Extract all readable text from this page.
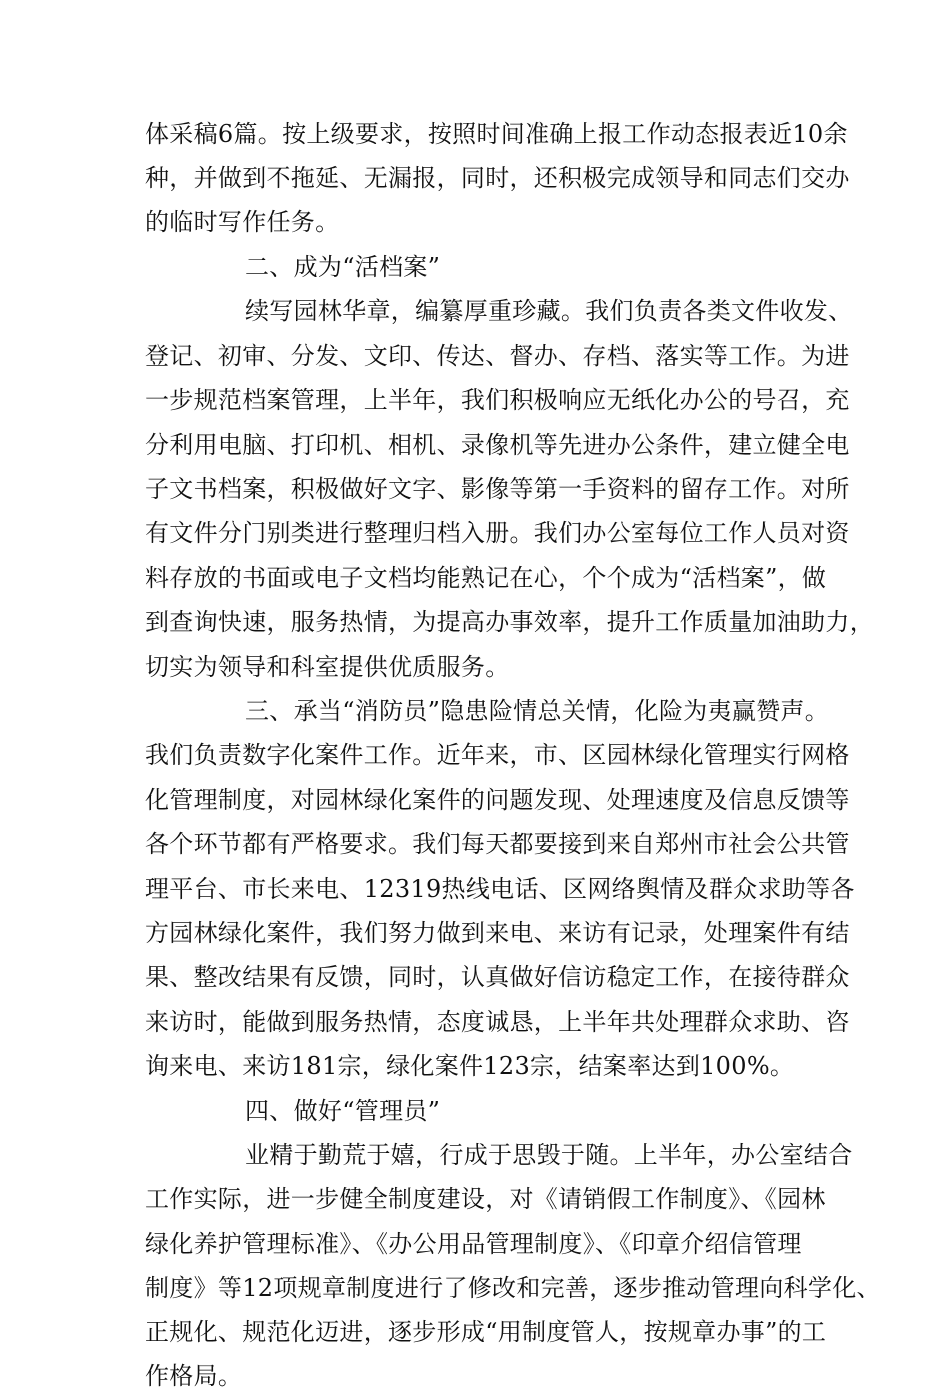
体采稿6篇。按上级要求，按照时间准确上报工作动态报表近10余
种，并做到不拖延、无漏报，同时，还积极完成领导和同志们交办
的临时写作任务。
二、成为“活档案”
续写园林华章，编纂厚重珍藏。我们负责各类文件收发、
登记、初审、分发、文印、传达、督办、存档、落实等工作。为进
一步规范档案管理，上半年，我们积极响应无纸化办公的号召，充
分利用电脑、打印机、相机、录像机等先进办公条件，建立健全电
子文书档案，积极做好文字、影像等第一手资料的留存工作。对所
有文件分门别类进行整理归档入册。我们办公室每位工作人员对资
料存放的书面或电子文档均能熟记在心，个个成为“活档案”，做
到查询快速，服务热情，为提高办事效率，提升工作质量加油助力，
切实为领导和科室提供优质服务。
三、承当“消防员”隐患险情总关情，化险为夷赢赞声。
我们负责数字化案件工作。近年来，市、区园林绿化管理实行网格
化管理制度，对园林绿化案件的问题发现、处理速度及信息反馈等
各个环节都有严格要求。我们每天都要接到来自郑州市社会公共管
理平台、市长来电、12319热线电话、区网络舆情及群众求助等各
方园林绿化案件，我们努力做到来电、来访有记录，处理案件有结
果、整改结果有反馈，同时，认真做好信访稳定工作，在接待群众
来访时，能做到服务热情，态度诚恳，上半年共处理群众求助、咨
询来电、来访181宗，绿化案件123宗，结案率达到100%。
四、做好“管理员”
业精于勤荒于嬉，行成于思毁于随。上半年，办公室结合
工作实际，进一步健全制度建设，对《请销假工作制度》、《园林
绿化养护管理标准》、《办公用品管理制度》、《印章介绍信管理
制度》等12项规章制度进行了修改和完善，逐步推动管理向科学化、
正规化、规范化迈进，逐步形成“用制度管人，按规章办事”的工
作格局。
